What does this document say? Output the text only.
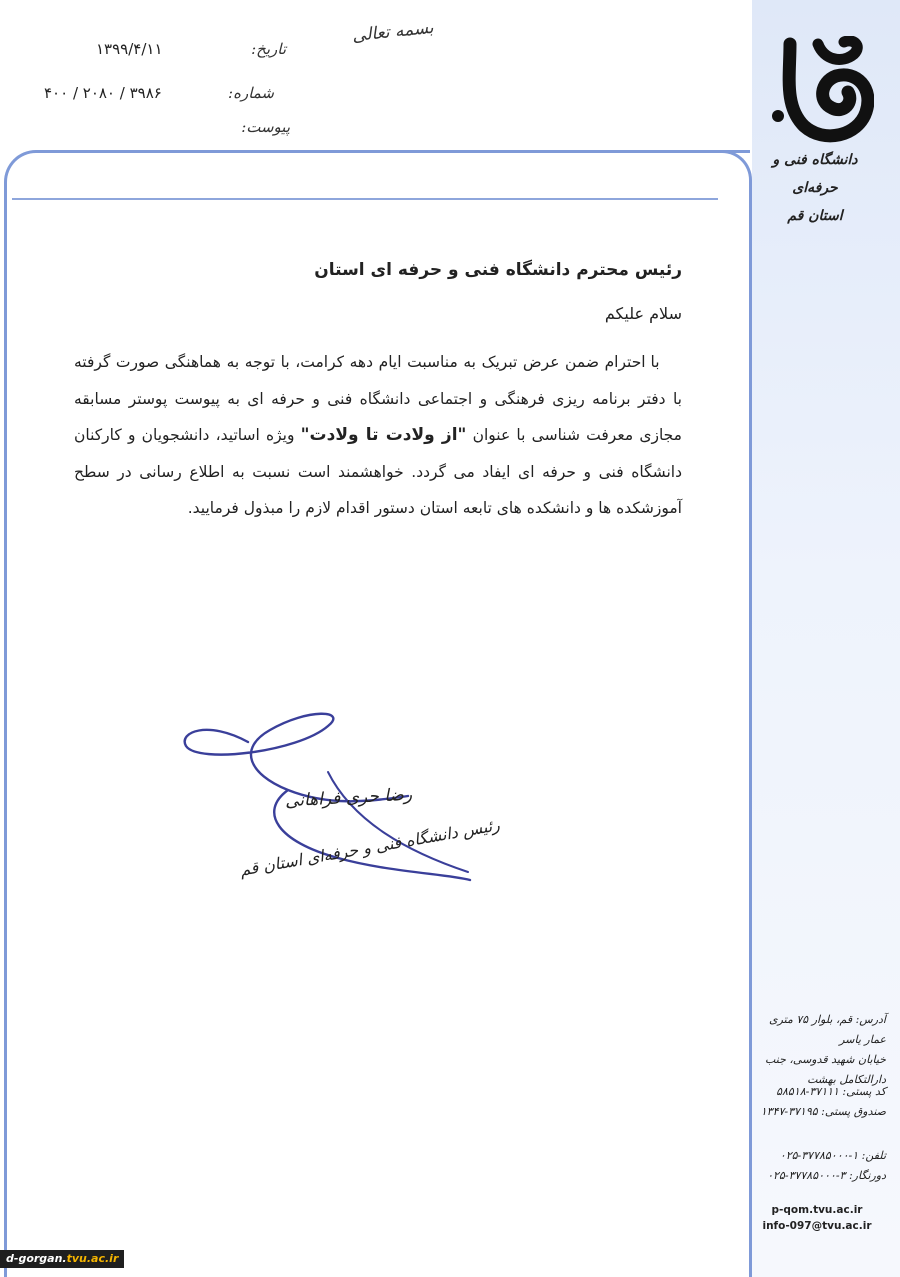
بسمه تعالی
تاریخ:
۱۳۹۹/۴/۱۱
شماره:
۴۰۰ / ۲۰۸۰ / ۳۹۸۶
پیوست:
دانشگاه فنی و حرفه‌ای
استان قم

رئیس محترم دانشگاه فنی و حرفه ای استان

سلام علیکم

با احترام ضمن عرض تبریک به مناسبت ایام دهه کرامت، با توجه به هماهنگی صورت گرفته با دفتر برنامه ریزی فرهنگی و اجتماعی دانشگاه فنی و حرفه ای به پیوست پوستر مسابقه مجازی معرفت شناسی با عنوان "از ولادت تا ولادت" ویژه اساتید، دانشجویان و کارکنان دانشگاه فنی و حرفه ای ایفاد می گردد. خواهشمند است نسبت به اطلاع رسانی در سطح آموزشکده ها و دانشکده های تابعه استان دستور اقدام لازم را مبذول فرمایید.

رضا حری فراهانی
رئیس دانشگاه فنی و حرفه‌ای استان قم
آدرس: قم، بلوار ۷۵ متری عمار یاسر
خیابان شهید قدوسی، جنب دارالتکامل بهشت
کد پستی: ۳۷۱۱۱-۵۸۵۱۸
صندوق پستی: ۳۷۱۹۵-۱۳۴۷
تلفن: ۱-۳۷۷۸۵۰۰۰-۰۲۵
دورنگار: ۳-۳۷۷۸۵۰۰۰-۰۲۵
p-qom.tvu.ac.ir
info-097@tvu.ac.ir
d-gorgan.tvu.ac.ir
